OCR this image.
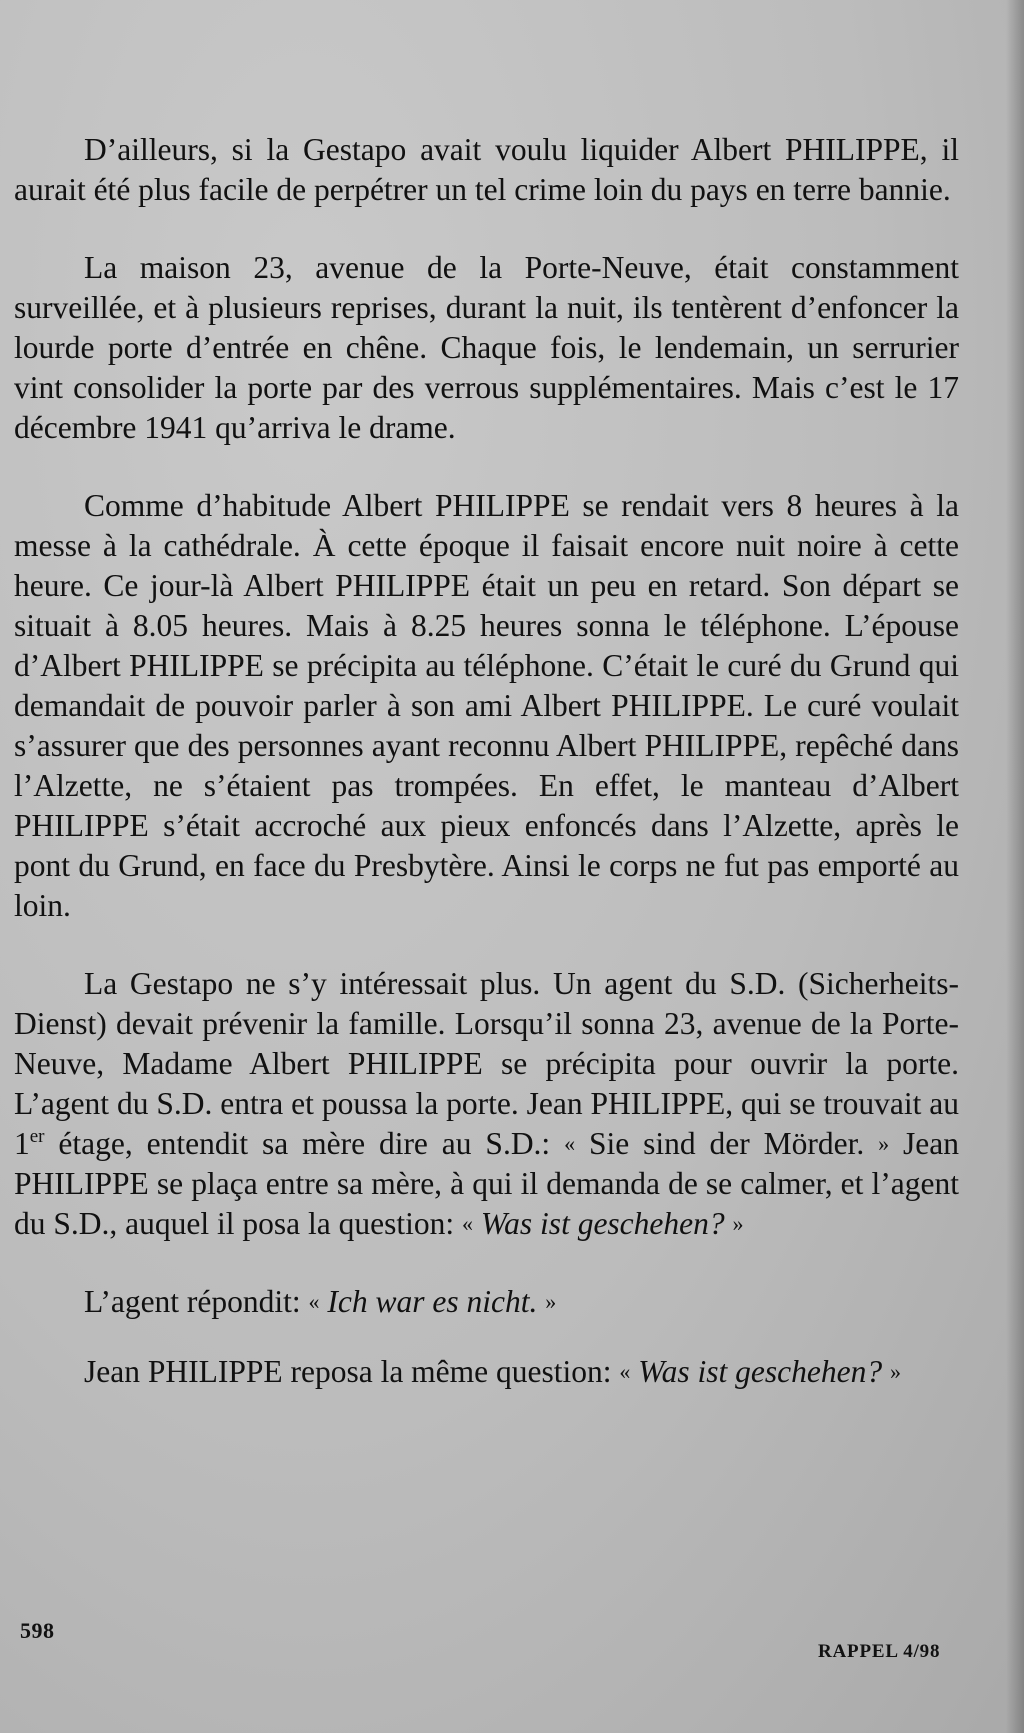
D’ailleurs, si la Gestapo avait voulu liquider Albert PHILIPPE, il aurait été plus facile de perpétrer un tel crime loin du pays en terre bannie.

La maison 23, avenue de la Porte-Neuve, était constamment surveillée, et à plusieurs reprises, durant la nuit, ils tentèrent d’enfoncer la lourde porte d’entrée en chêne. Chaque fois, le lendemain, un serrurier vint consolider la porte par des verrous supplémentaires. Mais c’est le 17 décembre 1941 qu’arriva le drame.

Comme d’habitude Albert PHILIPPE se rendait vers 8 heures à la messe à la cathédrale. À cette époque il faisait encore nuit noire à cette heure. Ce jour-là Albert PHILIPPE était un peu en retard. Son départ se situait à 8.05 heures. Mais à 8.25 heures sonna le téléphone. L’épouse d’Albert PHILIPPE se précipita au téléphone. C’était le curé du Grund qui demandait de pouvoir parler à son ami Albert PHILIPPE. Le curé voulait s’assurer que des personnes ayant reconnu Albert PHILIPPE, repêché dans l’Alzette, ne s’étaient pas trompées. En effet, le manteau d’Albert PHILIPPE s’était accroché aux pieux enfoncés dans l’Alzette, après le pont du Grund, en face du Presbytère. Ainsi le corps ne fut pas emporté au loin.

La Gestapo ne s’y intéressait plus. Un agent du S.D. (Sicherheits-Dienst) devait prévenir la famille. Lorsqu’il sonna 23, avenue de la Porte-Neuve, Madame Albert PHILIPPE se précipita pour ouvrir la porte. L’agent du S.D. entra et poussa la porte. Jean PHILIPPE, qui se trouvait au 1er étage, entendit sa mère dire au S.D.: « Sie sind der Mörder. » Jean PHILIPPE se plaça entre sa mère, à qui il demanda de se calmer, et l’agent du S.D., auquel il posa la question: « Was ist geschehen? »

L’agent répondit: « Ich war es nicht. »

Jean PHILIPPE reposa la même question: « Was ist geschehen? »

598
RAPPEL 4/98
